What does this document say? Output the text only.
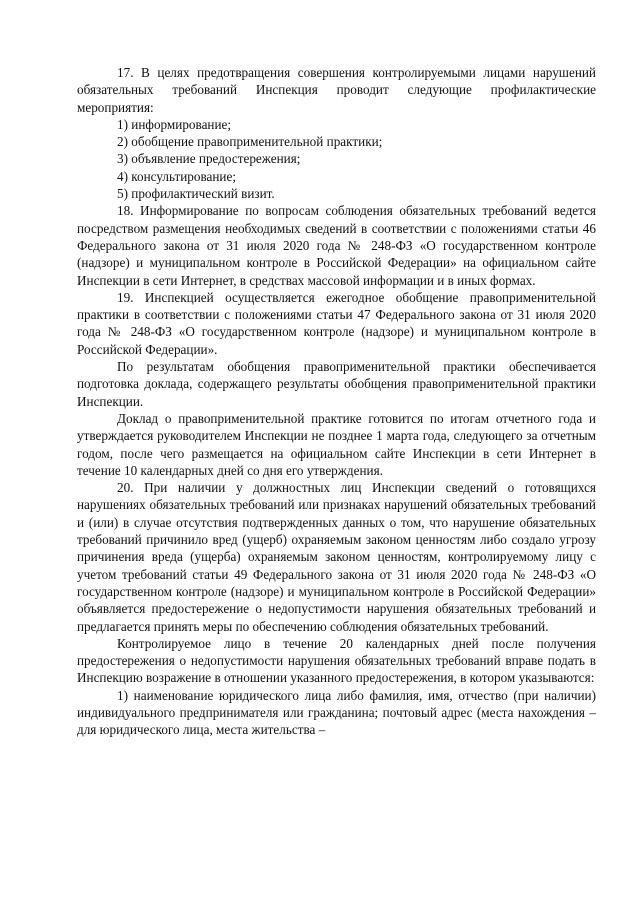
17. В целях предотвращения совершения контролируемыми лицами нарушений обязательных требований Инспекция проводит следующие профилактические мероприятия:

1) информирование;

2) обобщение правоприменительной практики;

3) объявление предостережения;

4) консультирование;

5) профилактический визит.

18. Информирование по вопросам соблюдения обязательных требований ведется посредством размещения необходимых сведений в соответствии с положениями статьи 46 Федерального закона от 31 июля 2020 года № 248-ФЗ «О государственном контроле (надзоре) и муниципальном контроле в Российской Федерации» на официальном сайте Инспекции в сети Интернет, в средствах массовой информации и в иных формах.

19. Инспекцией осуществляется ежегодное обобщение правоприменительной практики в соответствии с положениями статьи 47 Федерального закона от 31 июля 2020 года № 248-ФЗ «О государственном контроле (надзоре) и муниципальном контроле в Российской Федерации».

По результатам обобщения правоприменительной практики обеспечивается подготовка доклада, содержащего результаты обобщения правоприменительной практики Инспекции.

Доклад о правоприменительной практике готовится по итогам отчетного года и утверждается руководителем Инспекции не позднее 1 марта года, следующего за отчетным годом, после чего размещается на официальном сайте Инспекции в сети Интернет в течение 10 календарных дней со дня его утверждения.

20. При наличии у должностных лиц Инспекции сведений о готовящихся нарушениях обязательных требований или признаках нарушений обязательных требований и (или) в случае отсутствия подтвержденных данных о том, что нарушение обязательных требований причинило вред (ущерб) охраняемым законом ценностям либо создало угрозу причинения вреда (ущерба) охраняемым законом ценностям, контролируемому лицу с учетом требований статьи 49 Федерального закона от 31 июля 2020 года № 248-ФЗ «О государственном контроле (надзоре) и муниципальном контроле в Российской Федерации» объявляется предостережение о недопустимости нарушения обязательных требований и предлагается принять меры по обеспечению соблюдения обязательных требований.

Контролируемое лицо в течение 20 календарных дней после получения предостережения о недопустимости нарушения обязательных требований вправе подать в Инспекцию возражение в отношении указанного предостережения, в котором указываются:

1) наименование юридического лица либо фамилия, имя, отчество (при наличии) индивидуального предпринимателя или гражданина; почтовый адрес (места нахождения – для юридического лица, места жительства –
